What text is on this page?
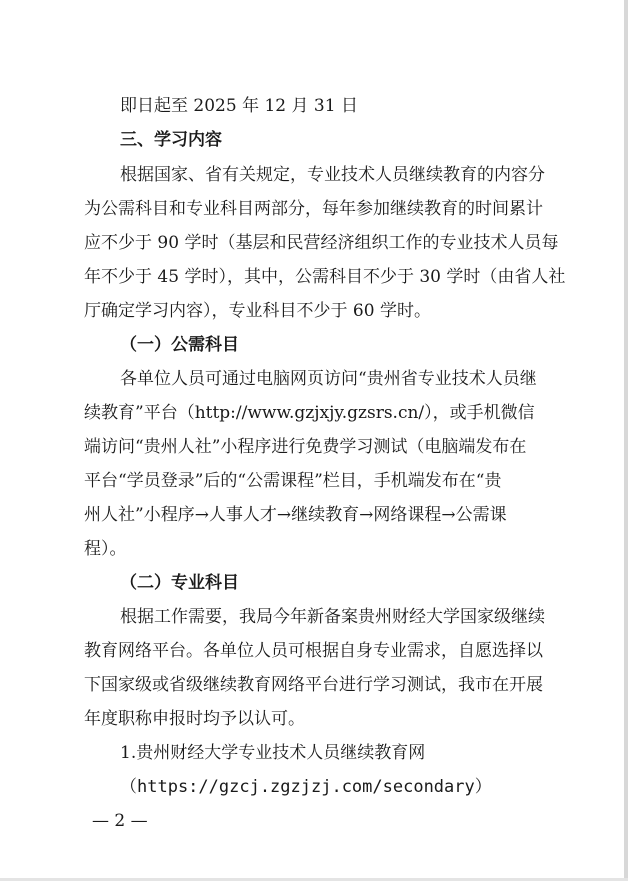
即日起至 2025 年 12 月 31 日
三、学习内容
根据国家、省有关规定，专业技术人员继续教育的内容分
为公需科目和专业科目两部分，每年参加继续教育的时间累计
应不少于 90 学时（基层和民营经济组织工作的专业技术人员每
年不少于 45 学时），其中，公需科目不少于 30 学时（由省人社
厅确定学习内容），专业科目不少于 60 学时。
（一）公需科目
各单位人员可通过电脑网页访问“贵州省专业技术人员继
续教育”平台（http://www.gzjxjy.gzsrs.cn/），或手机微信
端访问“贵州人社”小程序进行免费学习测试（电脑端发布在
平台“学员登录”后的“公需课程”栏目，手机端发布在“贵
州人社”小程序→人事人才→继续教育→网络课程→公需课
程）。
（二）专业科目
根据工作需要，我局今年新备案贵州财经大学国家级继续
教育网络平台。各单位人员可根据自身专业需求，自愿选择以
下国家级或省级继续教育网络平台进行学习测试，我市在开展
年度职称申报时均予以认可。
1.贵州财经大学专业技术人员继续教育网
（https://gzcj.zgzjzj.com/secondary）
— 2 —
